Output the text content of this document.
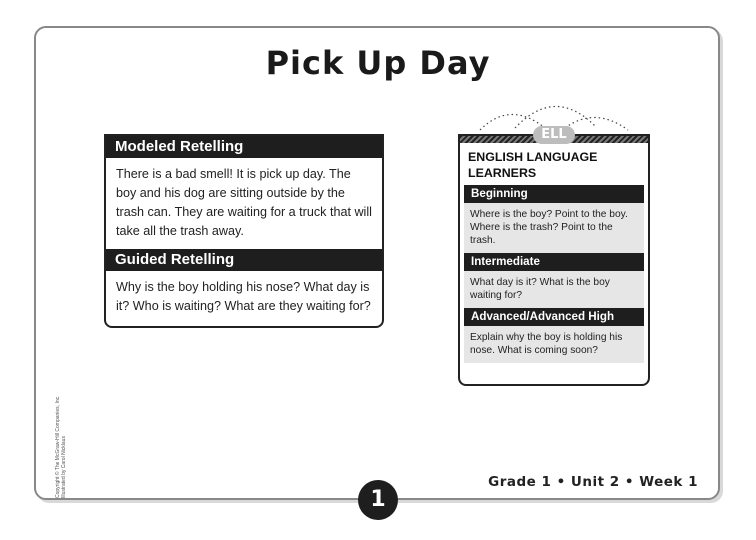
Pick Up Day
Modeled Retelling
There is a bad smell! It is pick up day. The boy and his dog are sitting outside by the trash can. They are waiting for a truck that will take all the trash away.
Guided Retelling
Why is the boy holding his nose? What day is it? Who is waiting? What are they waiting for?
ENGLISH LANGUAGE LEARNERS
Beginning
Where is the boy? Point to the boy. Where is the trash? Point to the trash.
Intermediate
What day is it? What is the boy waiting for?
Advanced/Advanced High
Explain why the boy is holding his nose. What is coming soon?
ELL
Copyright © The McGraw-Hill Companies, Inc. Illustrated by Carol Nicklaus	Grade 1 • Unit 2 • Week 1
1
